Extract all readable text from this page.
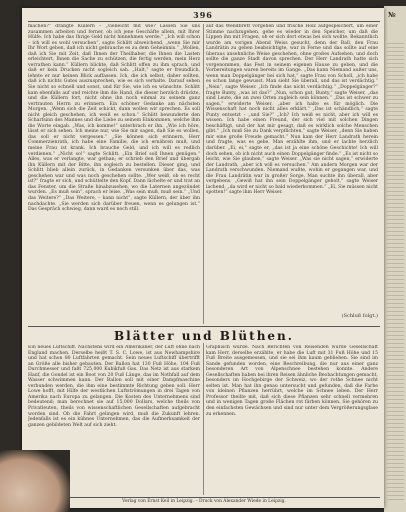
№
396

machen?“ drängte Küllern – „vielleicht mit wie? Lassen Sie uns zusammen arbeiten und ferner, ob ich jene Geschäfte allein, mit Ihrer Hülfe. Ich habe das Ihrige Geld nicht hinnehmen werde.“ „Ich will schon – ich will es wohl versuchen“, sagte Schlitt abweichend, „wenn Sie mir Ihr Wort geben, daß ich nicht gebrauche es zu dem Geheimnis.“ „Wollen, daß ich Sie mit Zeit, daß Ihnen der Theilhaber, die Ihnen die Lasten erleichtert, Ihnen die Sache zu schützen, die fertig werden, mein Herz verrathen kann.“ Küllern blickte, daß Schlitt offen zu ihm sprach, und daß er kein Drucken nicht sogleich sah. „Halt,“ sagte er freundlich, lehnte er nur keinen Blick auffassen. Ich, die ich selbst, daher sollten, daß ich nichts Gutes auszusprechen, wie es sich verhalte. Darauf sehen Sie nicht so schnell und sonst, und für Sie, wie ich es wünschte. Schlitt kam ebenfalls auf und reichte ihm die Hand, die dieser herzlich drückte, und die Küllern fort, nicht ohne ihn noch einmal zu seinem ganz vertrauten Herrn zu erinnern. Ein schöner Gedanke am nächsten Morgen. „Wenn sich die Zeit schickt, dann wollen wir sprechen. Es soll nicht gleich geschehen, ich weiß es schon.“ Schlitt bewunderte den Scharfsinn des Mannes und die Liebe zu seinem Einkommen, welche ihm die Worte eingab. „Was, ich komme!“ unterbrach er ihn. „Wie ich höre, lässt er sich sehen. Ich meine nur, wie Sie mir sagen, daß Sie es wollen, das soll er nicht vergessen.“ „Sie können sich erinnern, Herr Commerzienrath, ich habe eine Familie, die ich ernähren muß, und meine Frau ist krank. Ich brauche Geld, und ich will es redlich verdienen.“ „Nicht so!“ sagte Schlitt. „Ein Brief soll Ihnen genügen.“ Alles, was er verlangte, war gethan; er schrieb den Brief und übergab ihn Küllern mit der Bitte, ihn sogleich zu bestellen. Dieser ging, und Schlitt blieb allein zurück, in Gedanken versunken über das, was geschehen war und was noch geschehen sollte. „Wer weiß, ob es recht ist?“ fragte er sich, und schüttelte den Kopf. Dann lächelte er und trat an das Fenster, um die Straße hinabzusehen, wo die Laternen angezündet wurden. „Es muß sein“, sprach er leise. „Was sein muß, muß sein.“ „Und das Weitere?“ „Das Weitere, – kann nicht“, sagte Küllern, der über ihn nachdachte. „Sie werden sich darüber freuen, wenn es gelungen ist.“ Das Gespräch schwieg, dann ward es noch still.

auf das Wendbrett vorgehen und frische Holz aufgespeichert, um einer Stimme nachzugehen, gehe es wieder in den Speicher, um daß die Lippen ihn mit Fragen, ob er sich dort etwas bei sich wollte. Bekanntlich wurde am vorigen Abend Weiss gesucht, denn der Ball, den Frau Landrätin zu geben beabsichtigte, war in Ferne und das sollte auf eine überaus ansehnliche Weise geschehen, ohne großes Aufsehen, und doch sollte die ganze Stadt davon sprechen. Der Herr Landrath hatte sich vorgenommen, das Fest in seinem eigenen Hause zu geben, und die Vorbereitungen waren bereits im Gange. „Das kann Niemand außer uns, wenn man Doppelgänger bei sich hat,“ sagte Frau von Scholl, „ich habe es schon lange gewusst. Man sieht Sie überall, und das ist verdächtig.“ „Nein“, sagte Weiser. „Ich finde das nicht verdächtig.“ „Doppelgänger?“ fragte Bunty, „was ist das?“ „Nun, schon gut, Bunty,“ sagte Weiser, „das sind Leute, die an zwei Orten zugleich sein können.“ „Das ist schwer zu sagen,“ erwiderte Weiser, „aber ich halte es für möglich. Die Wissenschaft hat noch nicht alles erklärt.“ „Das ist schändlich,“ sagte Punty entsetzt – „und Sie?“ „Ich? Ich weiß es nicht, aber ich will es wissen. Ich habe einen Freund, der sich viel mit solchen Dingen beschäftigt, und der hat mir gesagt, daß es wirklich solche Menschen gibt.“ „Ich muß Sie zu Dank verpflichten,“ sagte Weiser, „denn Sie haben mir eine große Freude gemacht.“ Nun kam der Herr Landrath herein und fragte, was es gebe. Man erzählte ihm, und er lachte herzlich darüber. „Ei, ei,“ sagte er, „das ist ja eine schöne Geschichte! Ich will doch sehen, ob ich nicht auch einen Doppelgänger finde.“ „Es ist nicht so leicht, wie Sie glauben,“ sagte Weiser. „Was sie nicht sagen,“ erwiderte der Landrath, „aber ich will es versuchen.“ Am andern Morgen war der Landrath verschwunden. Niemand wußte, wohin er gegangen war, und die Frau Landrätin war in großer Sorge. Man suchte ihn überall, aber vergebens. „Gewiß hat ihn sein Doppelgänger geholt,“ sagte Weiser lachend, „da wird er nicht so bald wiederkommen.“ „Ei, Sie müssen nicht spotten!“ sagte ihm Herr Weiser.

(Schluß folgt.)
Blätter und Blüthen.

Ein neues Luftschiff. Nächstens wird ein Amerikaner, der Luft ohne nach England machen. Derselbe heißt T. S. C. Lowe, ist aus Newhampshire und hat schon 80 Luftfahrten gemacht. Sein neues Luftschiff übertrifft an Größe alle bisher gebauten. Der Ballon hat 130 Fuß Höhe, 104 Fuß Durchmesser und faßt 725,000 Kubikfuß Gas. Das Netz ist aus starkem Hanf, die Gondel ist ein Boot von 20 Fuß Länge, das im Nothfall auf dem Wasser schwimmen kann. Der Ballon soll mit einer Dampfmaschine verbunden werden, die ihm eine bestimmte Richtung geben soll. Herr Lowe hofft, mit Hilfe der westlichen Luftströmungen in drei Tagen von Amerika nach Europa zu gelangen. Die Kosten des Unternehmens sind bedeutend; man berechnet sie auf 15,000 Dollars, welche theils von Privatleuten, theils von wissenschaftlichen Gesellschaften aufgebracht worden sind. Ob die Fahrt gelingen wird, muß die Zukunft lehren. Jedenfalls ist es ein kühnes Unternehmen, das die Aufmerksamkeit der ganzen gebildeten Welt auf sich zieht.

Graphisch wurde. Nach Berichten von Reisenden wurde Gesellschaft kam Herr, derselbe erzählte, er habe die Luft mit 31 Fuß Höhe und 15 Fuß Breite ausgemessen, und sie sei ihm kaum geblieben. Sie sind im Sande gefunden worden, eine Beschreibung, die nur aus einer ganz besonderen Art von Alpenschnee bestehen konnte. Andere Gesellschaften haben bei ihren Reisen ähnliche Beobachtungen gemacht, besonders im Hochgebirge der Schweiz, wo der rothe Schnee nicht selten ist. Man hat ihn genau untersucht und gefunden, daß die Farbe von kleinen Pflanzen herrührt, welche im Schnee leben. Der Herr Professor theilte mit, daß sich diese Pflanzen sehr schnell vermehren und in wenigen Tagen große Flächen rot färben können. Sie gehören zu den einfachsten Gewächsen und sind nur unter dem Vergrößerungsglase zu erkennen.

Verlag von Ernst Keil in Leipzig. – Druck von Alexander Wiede in Leipzig.
